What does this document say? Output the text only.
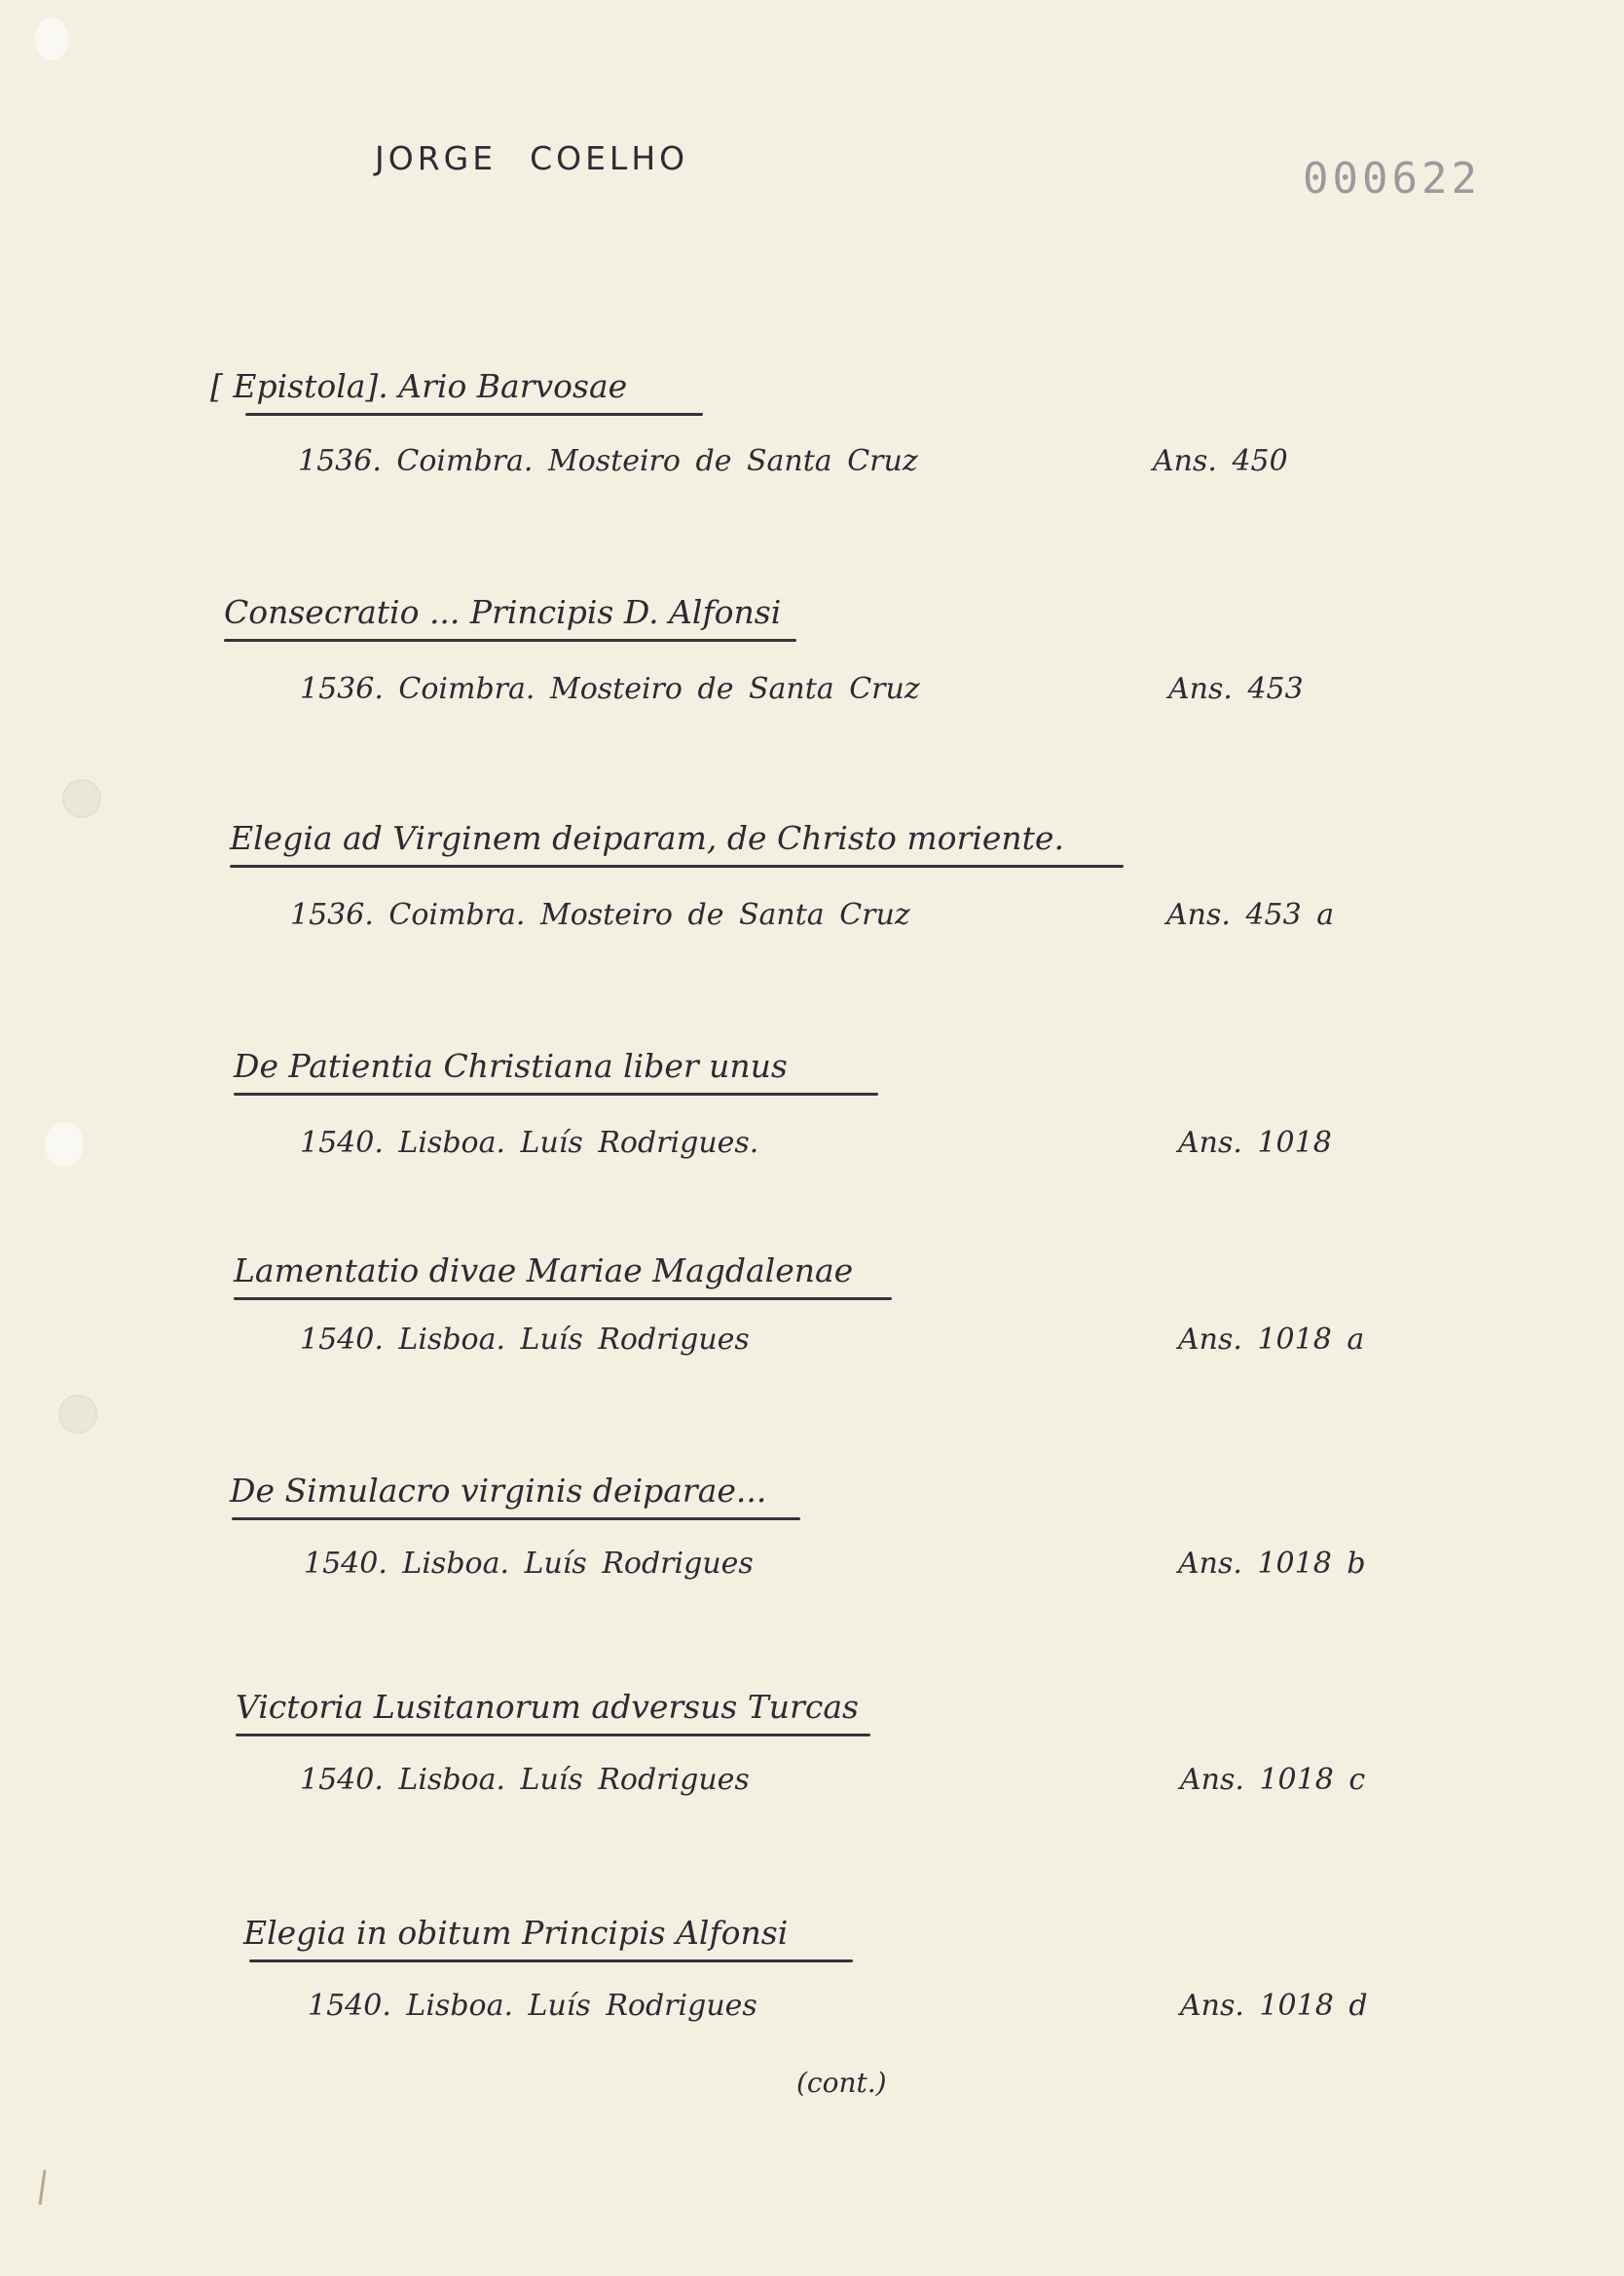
JORGE COELHO	000622
[ Epistola]. Ario Barvosae
1536. Coimbra. Mosteiro de Santa Cruz	Ans. 450
Consecratio ... Principis D. Alfonsi
1536. Coimbra. Mosteiro de Santa Cruz	Ans. 453
Elegia ad Virginem deiparam, de Christo moriente.
1536. Coimbra. Mosteiro de Santa Cruz	Ans. 453 a
De Patientia Christiana liber unus
1540. Lisboa. Luís Rodrigues.	Ans. 1018
Lamentatio divae Mariae Magdalenae
1540. Lisboa. Luís Rodrigues	Ans. 1018 a
De Simulacro virginis deiparae...
1540. Lisboa. Luís Rodrigues	Ans. 1018 b
Victoria Lusitanorum adversus Turcas
1540. Lisboa. Luís Rodrigues	Ans. 1018 c
Elegia in obitum Principis Alfonsi
1540. Lisboa. Luís Rodrigues	Ans. 1018 d
(cont.)
